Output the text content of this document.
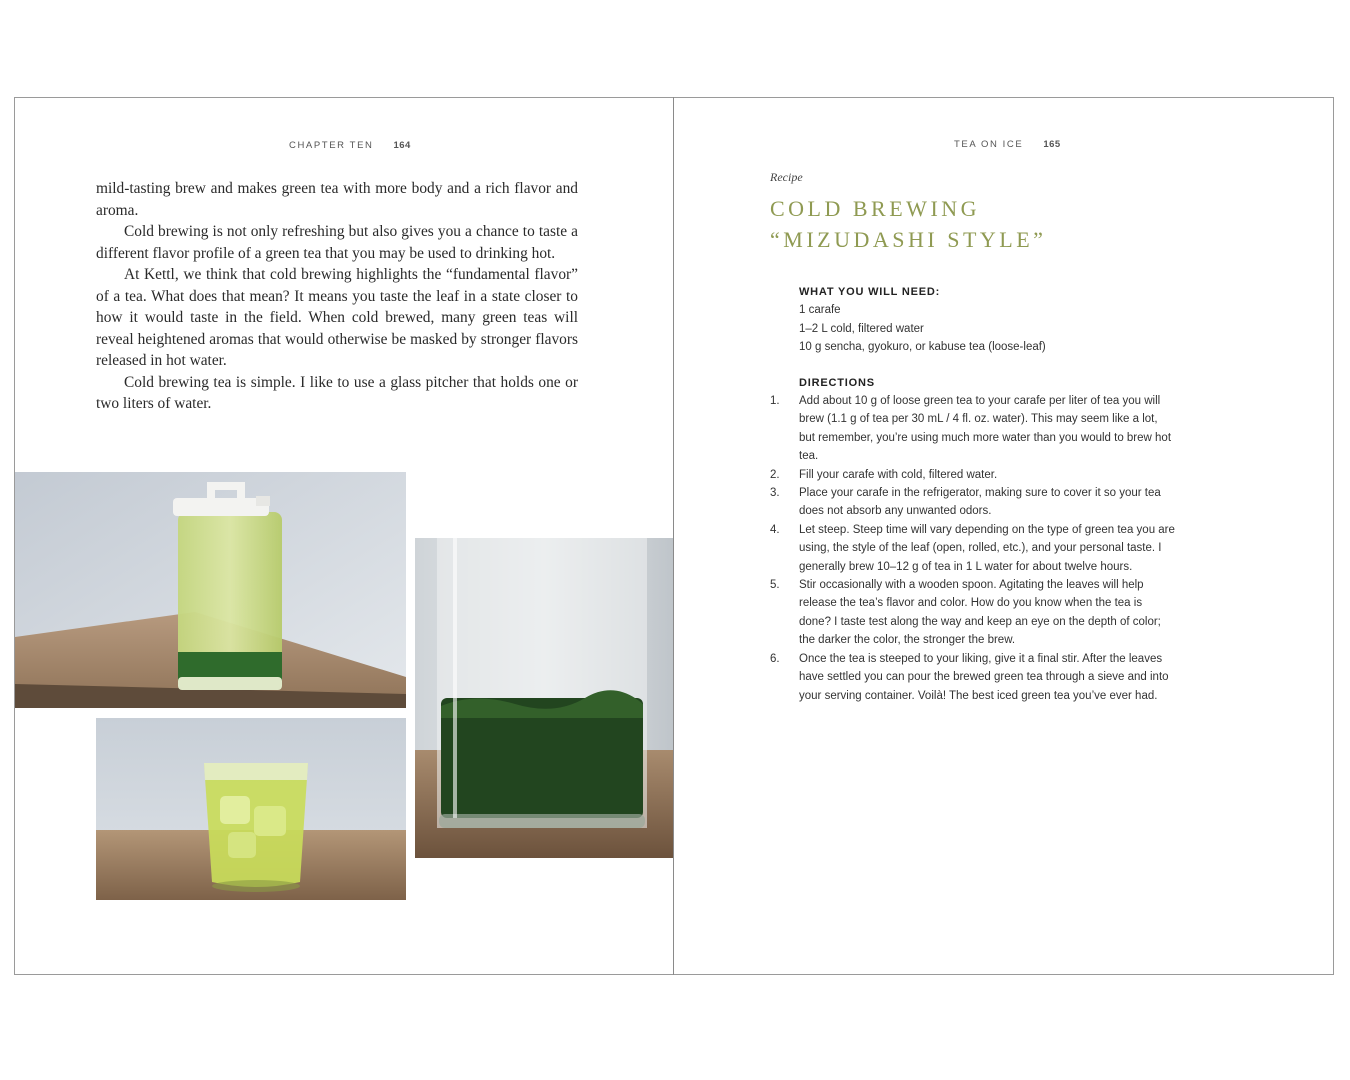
CHAPTER TEN 164

mild-tasting brew and makes green tea with more body and a rich flavor and aroma.

Cold brewing is not only refreshing but also gives you a chance to taste a different flavor profile of a green tea that you may be used to drinking hot.

At Kettl, we think that cold brewing highlights the “fundamental flavor” of a tea. What does that mean? It means you taste the leaf in a state closer to how it would taste in the field. When cold brewed, many green teas will reveal heightened aromas that would otherwise be masked by stronger flavors released in hot water.

Cold brewing tea is simple. I like to use a glass pitcher that holds one or two liters of water.

TEA ON ICE 165
Recipe
COLD BREWING
“MIZUDASHI STYLE”
WHAT YOU WILL NEED:
1 carafe
1–2 L cold, filtered water
10 g sencha, gyokuro, or kabuse tea (loose-leaf)
DIRECTIONS
1. Add about 10 g of loose green tea to your carafe per liter of tea you will brew (1.1 g of tea per 30 mL / 4 fl. oz. water). This may seem like a lot, but remember, you’re using much more water than you would to brew hot tea.
2. Fill your carafe with cold, filtered water.
3. Place your carafe in the refrigerator, making sure to cover it so your tea does not absorb any unwanted odors.
4. Let steep. Steep time will vary depending on the type of green tea you are using, the style of the leaf (open, rolled, etc.), and your personal taste. I generally brew 10–12 g of tea in 1 L water for about twelve hours.
5. Stir occasionally with a wooden spoon. Agitating the leaves will help release the tea’s flavor and color. How do you know when the tea is done? I taste test along the way and keep an eye on the depth of color; the darker the color, the stronger the brew.
6. Once the tea is steeped to your liking, give it a final stir. After the leaves have settled you can pour the brewed green tea through a sieve and into your serving container. Voilà! The best iced green tea you’ve ever had.
